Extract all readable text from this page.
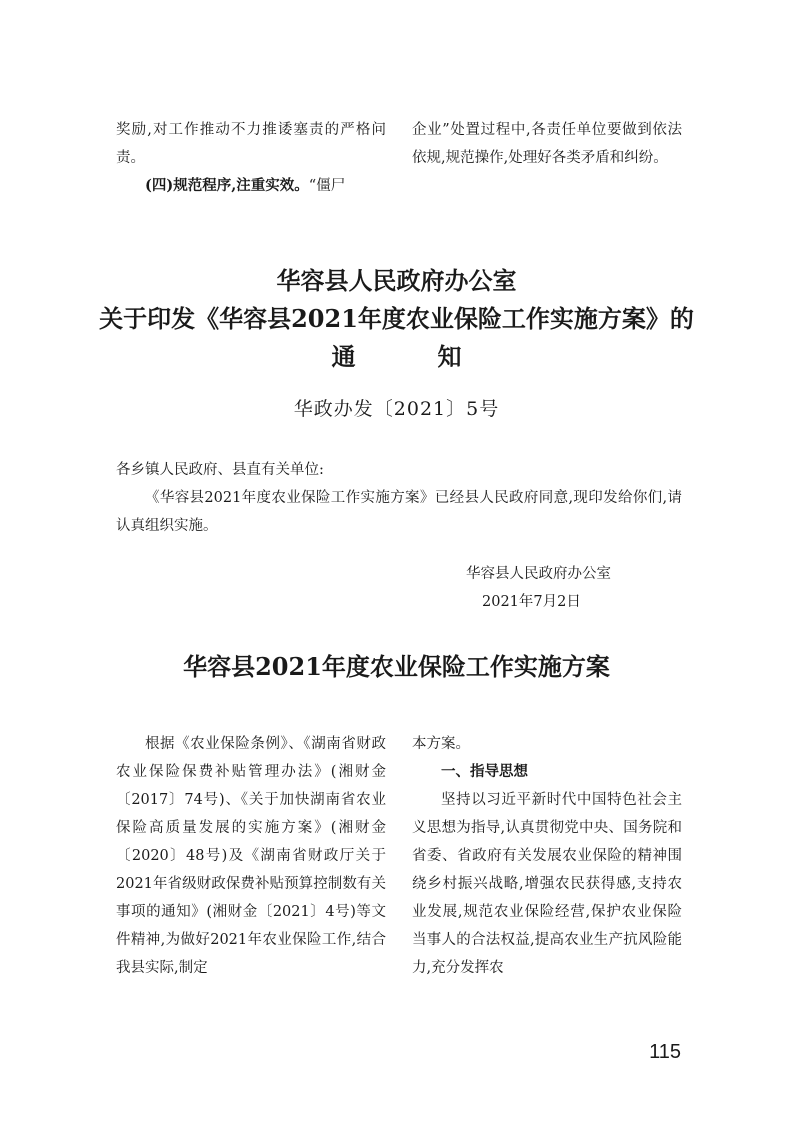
奖励,对工作推动不力推诿塞责的严格问责。

(四)规范程序,注重实效。“僵尸

企业”处置过程中,各责任单位要做到依法依规,规范操作,处理好各类矛盾和纠纷。

华容县人民政府办公室
关于印发《华容县2021年度农业保险工作实施方案》的
通知
华政办发〔2021〕5号

各乡镇人民政府、县直有关单位:

《华容县2021年度农业保险工作实施方案》已经县人民政府同意,现印发给你们,请认真组织实施。

华容县人民政府办公室
2021年7月2日
华容县2021年度农业保险工作实施方案

根据《农业保险条例》、《湖南省财政农业保险保费补贴管理办法》(湘财金〔2017〕74号)、《关于加快湖南省农业保险高质量发展的实施方案》(湘财金〔2020〕48号)及《湖南省财政厅关于2021年省级财政保费补贴预算控制数有关事项的通知》(湘财金〔2021〕4号)等文件精神,为做好2021年农业保险工作,结合我县实际,制定

本方案。

一、指导思想

坚持以习近平新时代中国特色社会主义思想为指导,认真贯彻党中央、国务院和省委、省政府有关发展农业保险的精神围绕乡村振兴战略,增强农民获得感,支持农业发展,规范农业保险经营,保护农业保险当事人的合法权益,提高农业生产抗风险能力,充分发挥农

115
